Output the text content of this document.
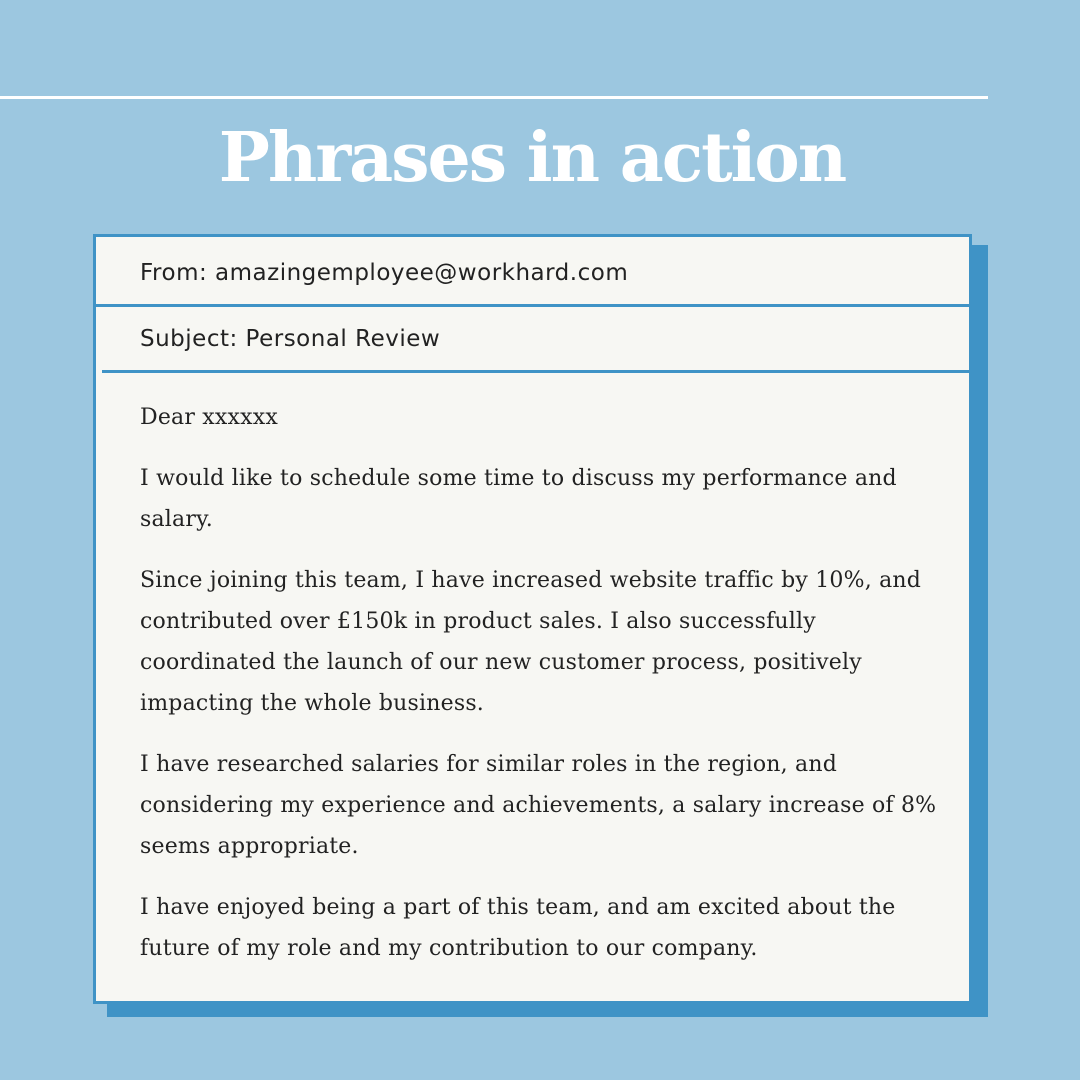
Phrases in action
From: amazingemployee@workhard.com
Subject: Personal Review

Dear xxxxxx

I would like to schedule some time to discuss my performance and salary.

Since joining this team, I have increased website traffic by 10%, and contributed over £150k in product sales. I also successfully coordinated the launch of our new customer process, positively impacting the whole business.

I have researched salaries for similar roles in the region, and considering my experience and achievements, a salary increase of 8% seems appropriate.

I have enjoyed being a part of this team, and am excited about the future of my role and my contribution to our company.
